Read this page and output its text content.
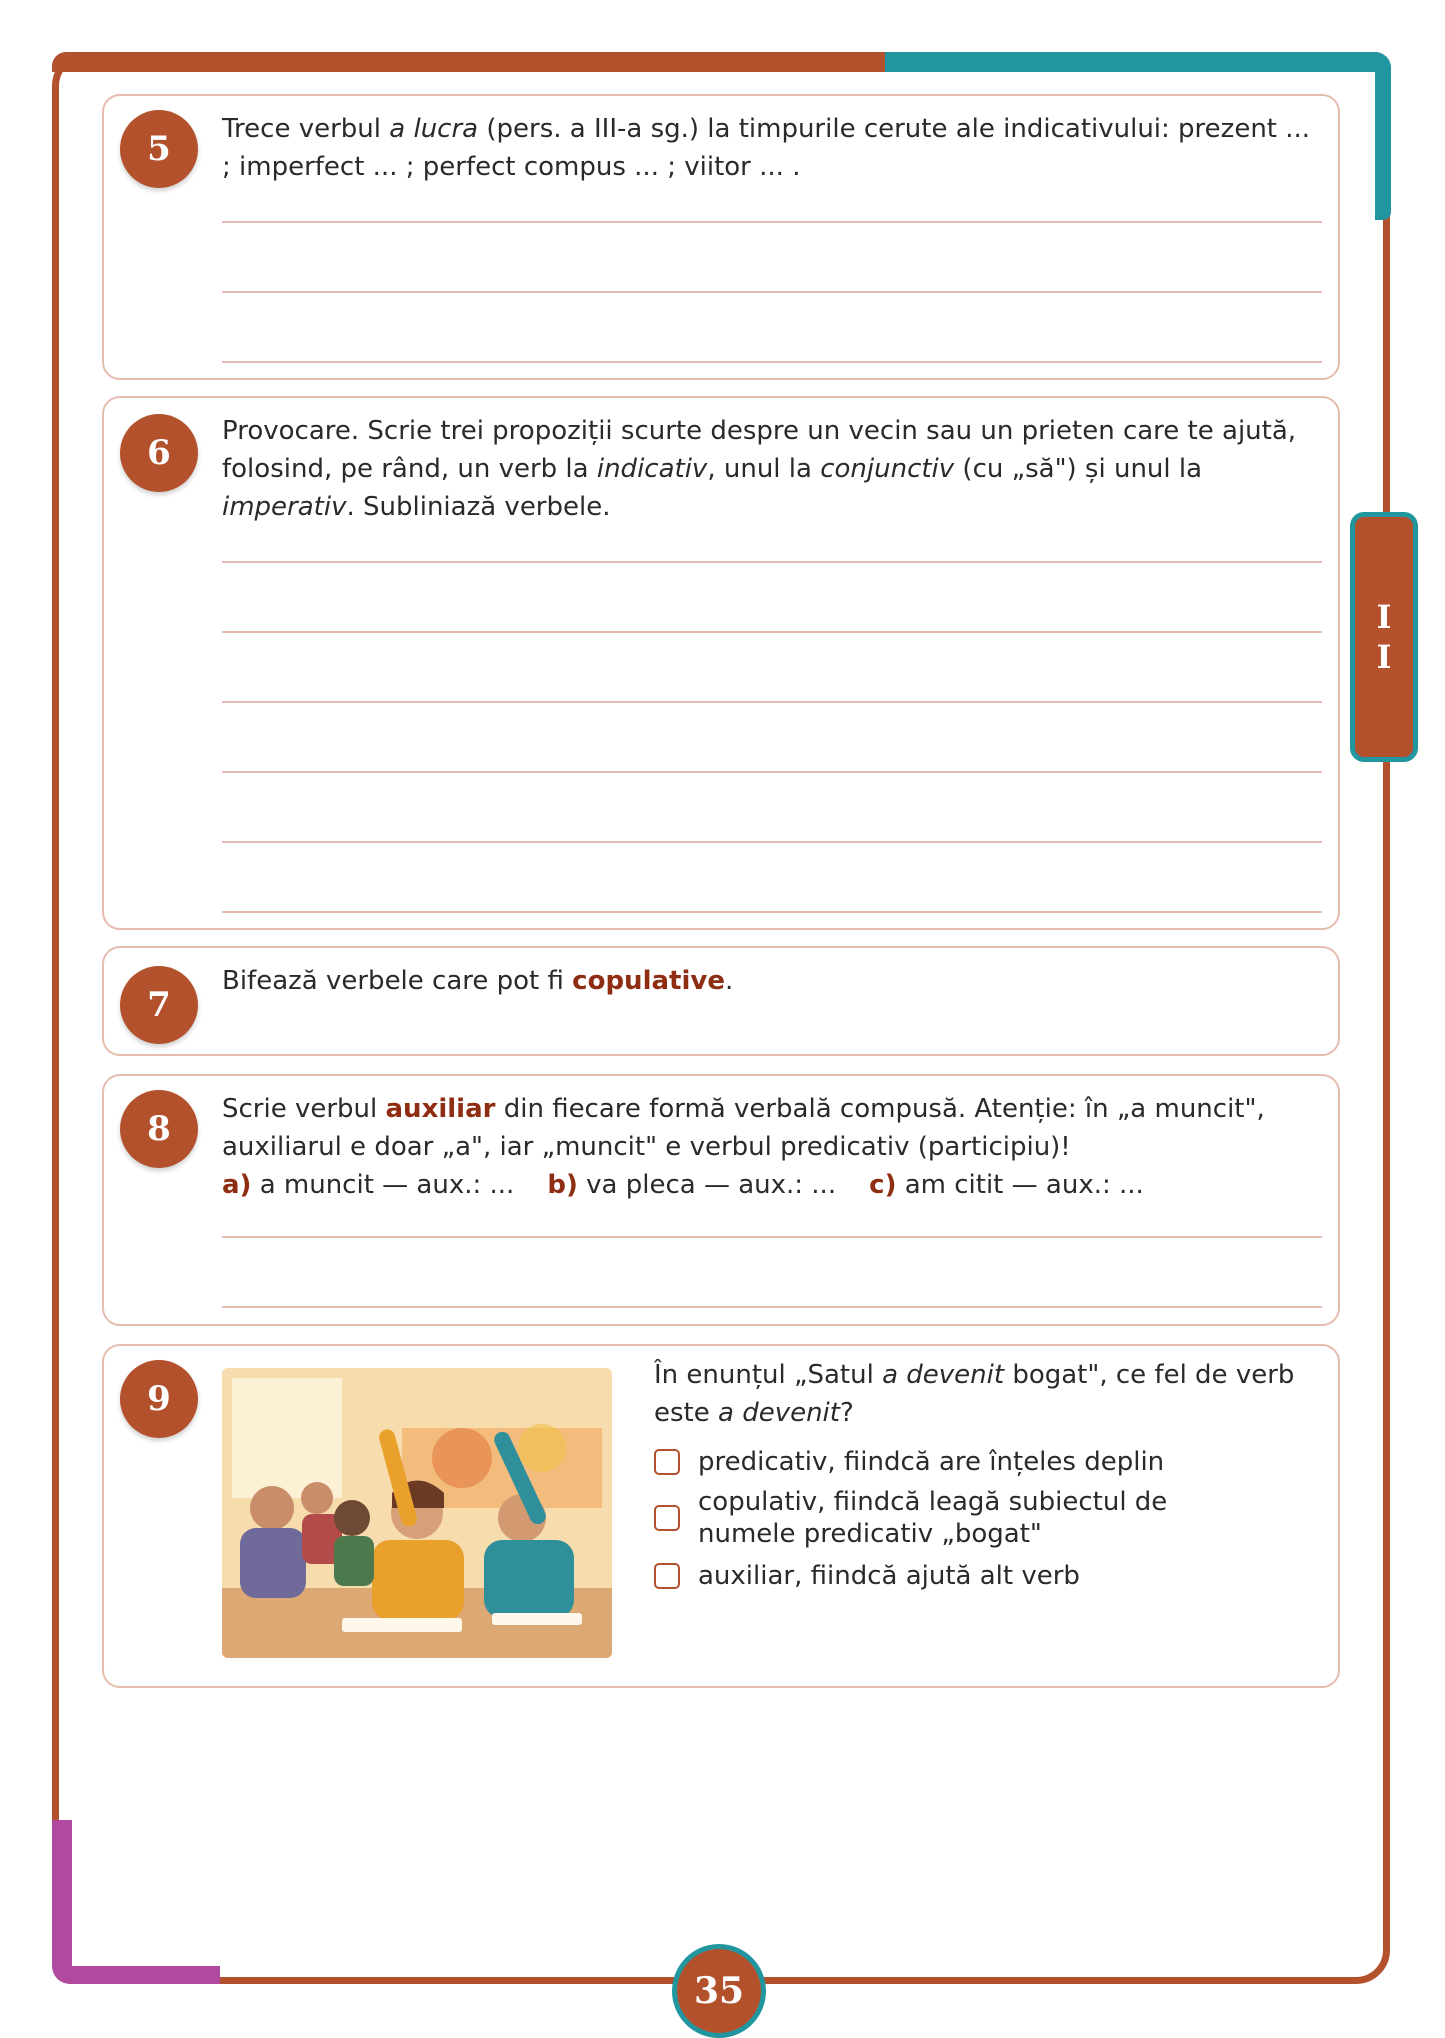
I
I
5	Trece verbul a lucra (pers. a III-a sg.) la timpurile cerute ale indicativului: prezent ... ; imperfect ... ; perfect compus ... ; viitor ... .
6
Provocare. Scrie trei propoziții scurte despre un vecin sau un prieten care te ajută, folosind, pe rând, un verb la indicativ, unul la conjunctiv (cu „să") și unul la imperativ. Subliniază verbele.
7
Bifează verbele care pot fi copulative.
8	Scrie verbul auxiliar din fiecare formă verbală compusă. Atenție: în „a muncit", auxiliarul e doar „a", iar „muncit" e verbul predicativ (participiu)!
a) a muncit — aux.: ... b) va pleca — aux.: ... c) am citit — aux.: ...
9
În enunțul „Satul a devenit bogat", ce fel de verb este a devenit?
predicativ, fiindcă are înțeles deplin
copulativ, fiindcă leagă subiectul de numele predicativ „bogat"
auxiliar, fiindcă ajută alt verb
35
